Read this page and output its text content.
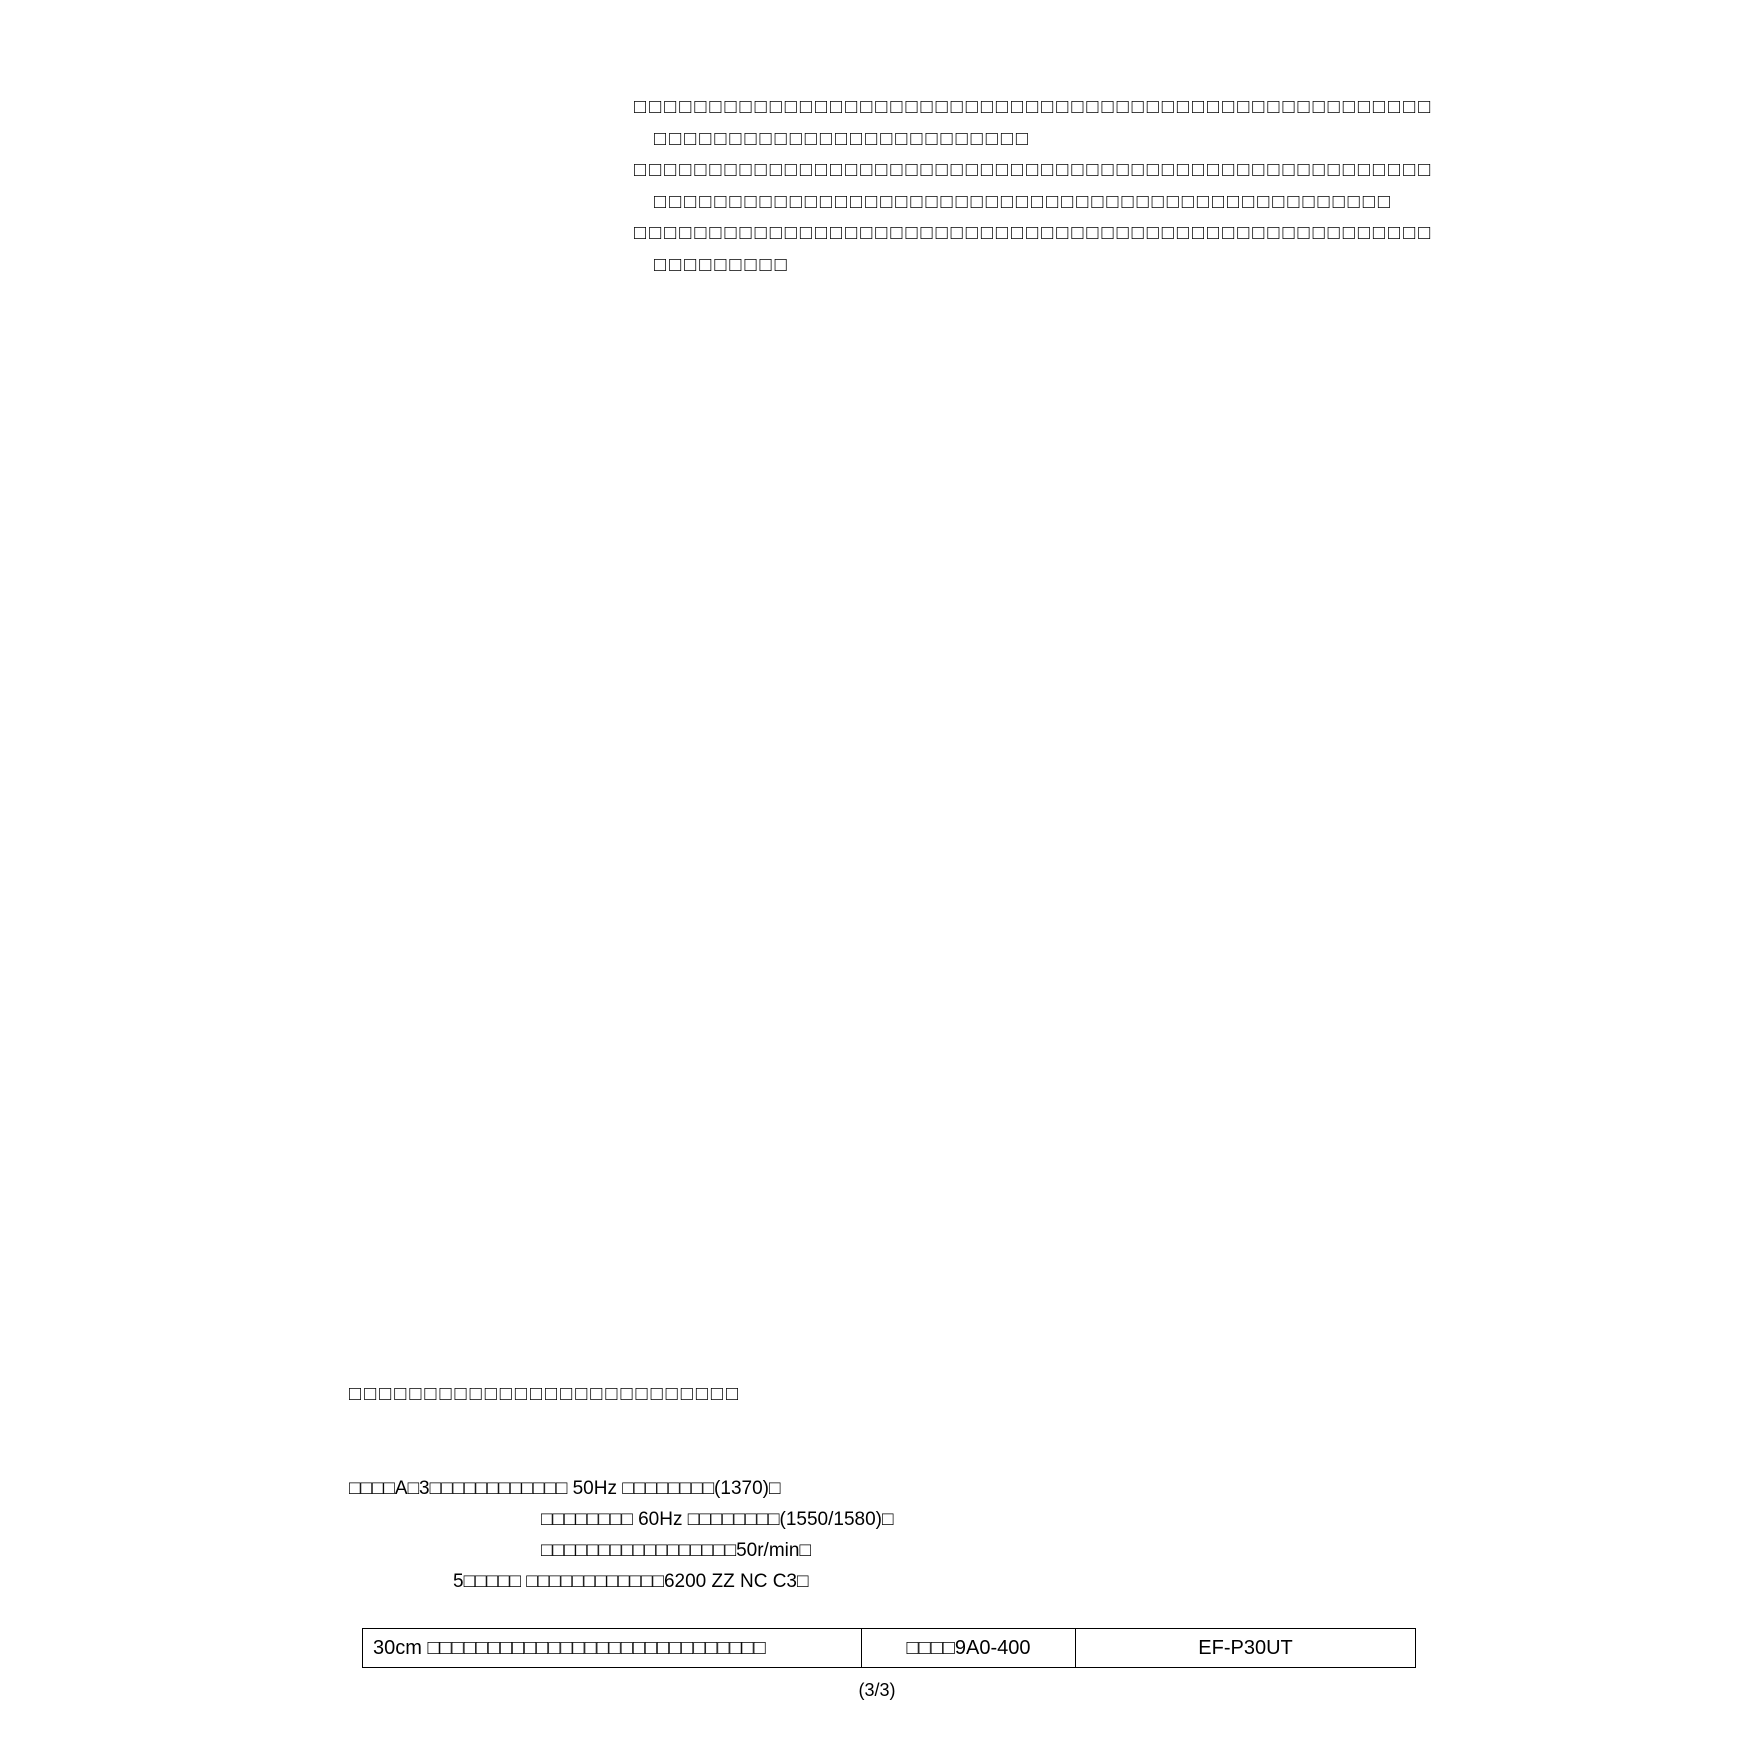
□□□□□□□□□□□□□□□□□□□□□□□□□□□□□□□□□□□□□□□□□□□□□□□□□□□□□□□□□□□□□□□□□□□□□□□□□□□□□□
□□□□□□□□□□□□□□□□□□□□□□□□□□□□□□□□□□□□□□□□□□□□□□□□□□□□□□□□□□□□□□□□□□□□□□□□□□□□□□□□□□□□□□□□□□□□□□□□□□□□□□
□□□□□□□□□□□□□□□□□□□□□□□□□□□□□□□□□□□□□□□□□□□□□□□□□□□□□□□□□□□□□□
□□□□□□□□□□□□□□□□□□□□□□□□□□
□□□□A□3□□□□□□□□□□□□ 50Hz □□□□□□□□(1370)□
□□□□□□□□ 60Hz □□□□□□□□(1550/1580)□
□□□□□□□□□□□□□□□□□50r/min□
5□□□□□ □□□□□□□□□□□□6200 ZZ NC C3□
30cm □□□□□□□□□□□□□□□□□□□□□□□□□□□□	□□□□9A0-400	EF-P30UT
(3/3)
